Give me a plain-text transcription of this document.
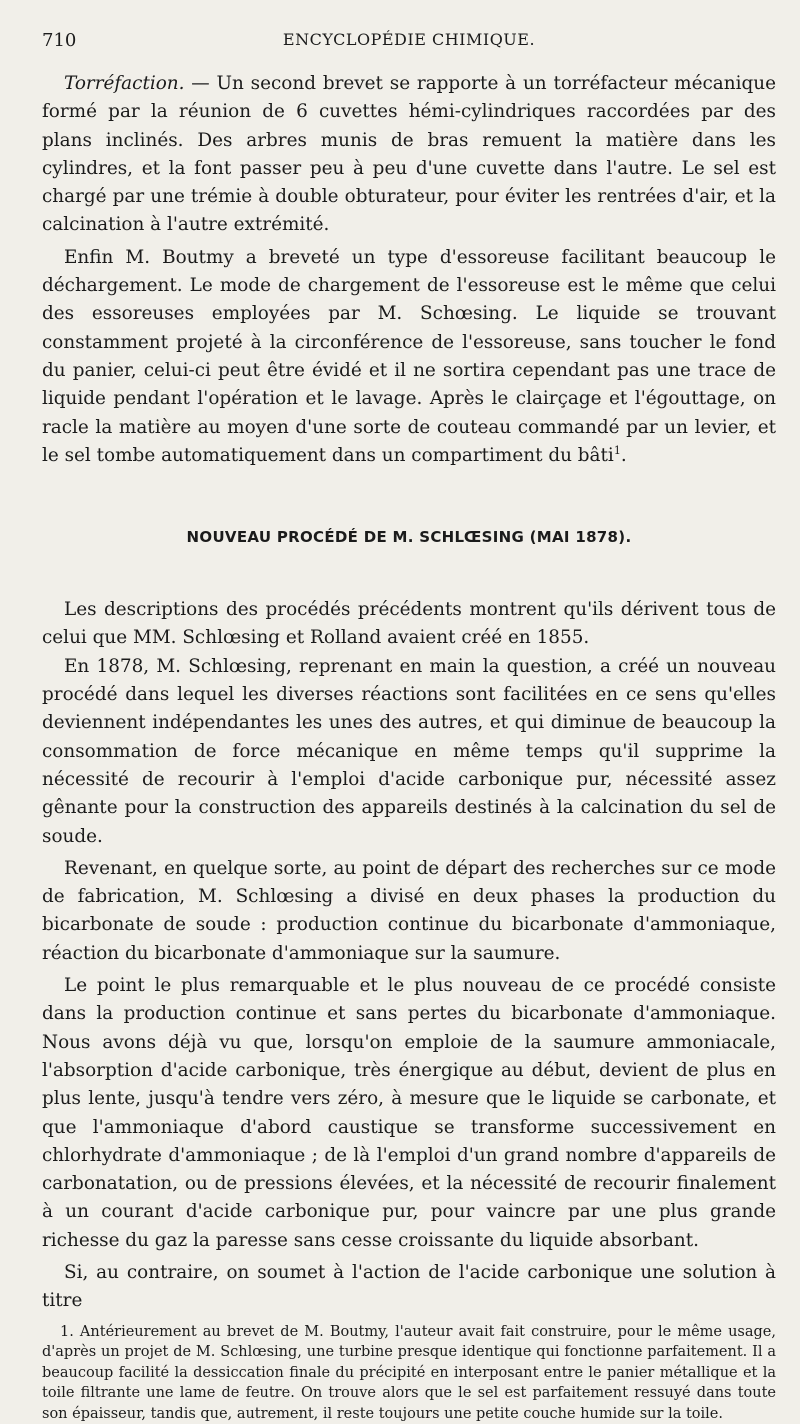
710	ENCYCLOPÉDIE CHIMIQUE.

Torréfaction. — Un second brevet se rapporte à un torréfacteur mécanique formé par la réunion de 6 cuvettes hémi-cylindriques raccordées par des plans inclinés. Des arbres munis de bras remuent la matière dans les cylindres, et la font passer peu à peu d'une cuvette dans l'autre. Le sel est chargé par une trémie à double obturateur, pour éviter les rentrées d'air, et la calcination à l'autre extrémité.

Enfin M. Boutmy a breveté un type d'essoreuse facilitant beaucoup le déchargement. Le mode de chargement de l'essoreuse est le même que celui des essoreuses employées par M. Schœsing. Le liquide se trouvant constamment projeté à la circonférence de l'essoreuse, sans toucher le fond du panier, celui-ci peut être évidé et il ne sortira cependant pas une trace de liquide pendant l'opération et le lavage. Après le clairçage et l'égouttage, on racle la matière au moyen d'une sorte de couteau commandé par un levier, et le sel tombe automatiquement dans un compartiment du bâti$^1$.

NOUVEAU PROCÉDÉ DE M. SCHLŒSING (MAI 1878).

Les descriptions des procédés précédents montrent qu'ils dérivent tous de celui que MM. Schlœsing et Rolland avaient créé en 1855.

En 1878, M. Schlœsing, reprenant en main la question, a créé un nouveau procédé dans lequel les diverses réactions sont facilitées en ce sens qu'elles deviennent indépendantes les unes des autres, et qui diminue de beaucoup la consommation de force mécanique en même temps qu'il supprime la nécessité de recourir à l'emploi d'acide carbonique pur, nécessité assez gênante pour la construction des appareils destinés à la calcination du sel de soude.

Revenant, en quelque sorte, au point de départ des recherches sur ce mode de fabrication, M. Schlœsing a divisé en deux phases la production du bicarbonate de soude : production continue du bicarbonate d'ammoniaque, réaction du bicarbonate d'ammoniaque sur la saumure.

Le point le plus remarquable et le plus nouveau de ce procédé consiste dans la production continue et sans pertes du bicarbonate d'ammoniaque. Nous avons déjà vu que, lorsqu'on emploie de la saumure ammoniacale, l'absorption d'acide carbonique, très énergique au début, devient de plus en plus lente, jusqu'à tendre vers zéro, à mesure que le liquide se carbonate, et que l'ammoniaque d'abord caustique se transforme successivement en chlorhydrate d'ammoniaque ; de là l'emploi d'un grand nombre d'appareils de carbonatation, ou de pressions élevées, et la nécessité de recourir finalement à un courant d'acide carbonique pur, pour vaincre par une plus grande richesse du gaz la paresse sans cesse croissante du liquide absorbant.

Si, au contraire, on soumet à l'action de l'acide carbonique une solution à titre

1. Antérieurement au brevet de M. Boutmy, l'auteur avait fait construire, pour le même usage, d'après un projet de M. Schlœsing, une turbine presque identique qui fonctionne parfaitement. Il a beaucoup facilité la dessiccation finale du précipité en interposant entre le panier métallique et la toile filtrante une lame de feutre. On trouve alors que le sel est parfaitement ressuyé dans toute son épaisseur, tandis que, autrement, il reste toujours une petite couche humide sur la toile.
